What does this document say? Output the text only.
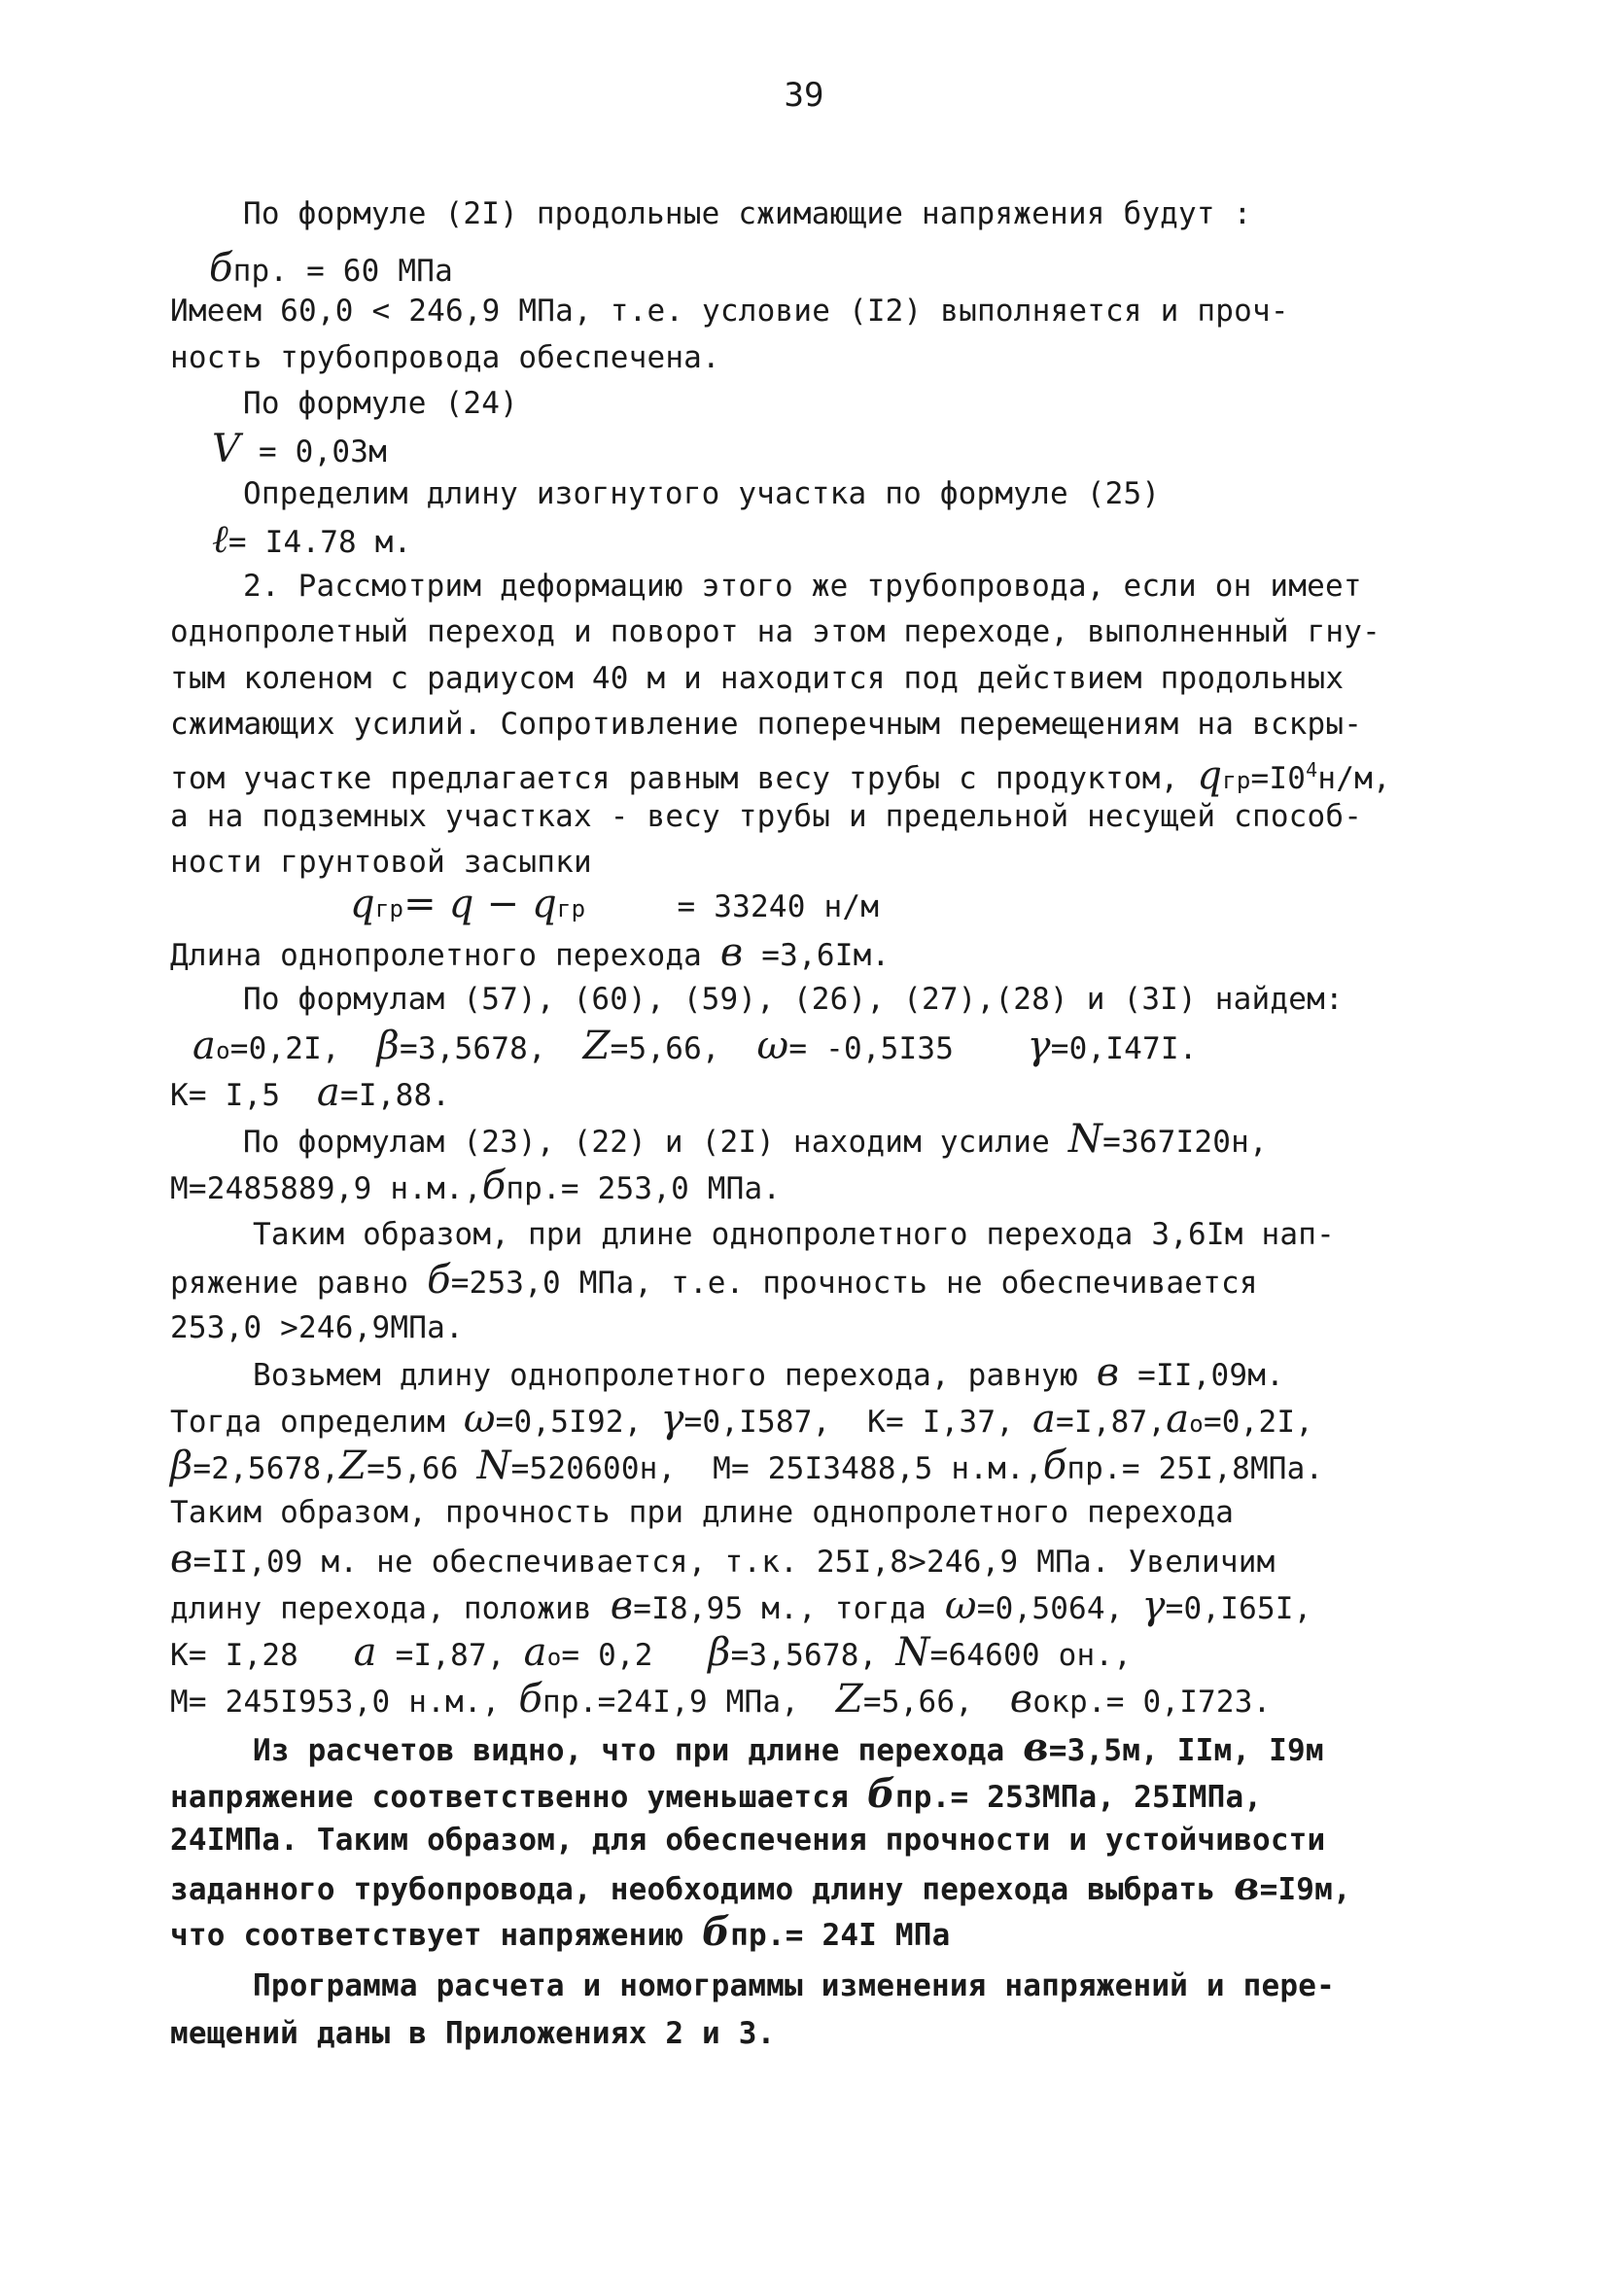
39
По формуле (2I) продольные сжимающие напряжения будут :
бпр. = 60 МПа
Имеем 60,0 < 246,9 МПа, т.е. условие (I2) выполняется и проч-
ность трубопровода обеспечена.
По формуле (24)
V = 0,03м
Определим длину изогнутого участка по формуле (25)
ℓ= I4.78 м.
2. Рассмотрим деформацию этого же трубопровода, если он имеет
однопролетный переход и поворот на этом переходе, выполненный гну-
тым коленом с радиусом 40 м и находится под действием продольных
сжимающих усилий. Сопротивление поперечным перемещениям на вскры-
том участке предлагается равным весу трубы с продуктом, $qгр=I0^4н/м$,
а на подземных участках - весу трубы и предельной несущей способ-
ности грунтовой засыпки
qгр= q − qгр     = 33240 н/м
Длина однопролетного перехода в =3,6Iм.
По формулам (57), (60), (59), (26), (27),(28) и (3I) найдем:
ao=0,2I,  β=3,5678,  Z=5,66,  ω= -0,5I35    γ=0,I47I.
K= I,5  a=I,88.
По формулам (23), (22) и (2I) находим усилие N=367I20н,
M=2485889,9 н.м.,бпр.= 253,0 МПа.
Таким образом, при длине однопролетного перехода 3,6Iм нап-
ряжение равно б=253,0 МПа, т.е. прочность не обеспечивается
253,0 >246,9МПа.
Возьмем длину однопролетного перехода, равную в =II,09м.
Тогда определим ω=0,5I92, γ=0,I587,  K= I,37, a=I,87,ao=0,2I,
β=2,5678,Z=5,66 N=520600н,  M= 25I3488,5 н.м.,бпр.= 25I,8МПа.
Таким образом, прочность при длине однопролетного перехода
в=II,09 м. не обеспечивается, т.к. 25I,8>246,9 МПа. Увеличим
длину перехода, положив в=I8,95 м., тогда ω=0,5064, γ=0,I65I,
K= I,28   a =I,87, ao= 0,2   β=3,5678, N=64600 он.,
M= 245I953,0 н.м., бпр.=24I,9 МПа,  Z=5,66,  вокр.= 0,I723.
Из расчетов видно, что при длине перехода в=3,5м, IIм, I9м
напряжение соответственно уменьшается бпр.= 253МПа, 25IМПа,
24IМПа. Таким образом, для обеспечения прочности и устойчивости
заданного трубопровода, необходимо длину перехода выбрать в=I9м,
что соответствует напряжению бпр.= 24I МПа
Программа расчета и номограммы изменения напряжений и пере-
мещений даны в Приложениях 2 и 3.
